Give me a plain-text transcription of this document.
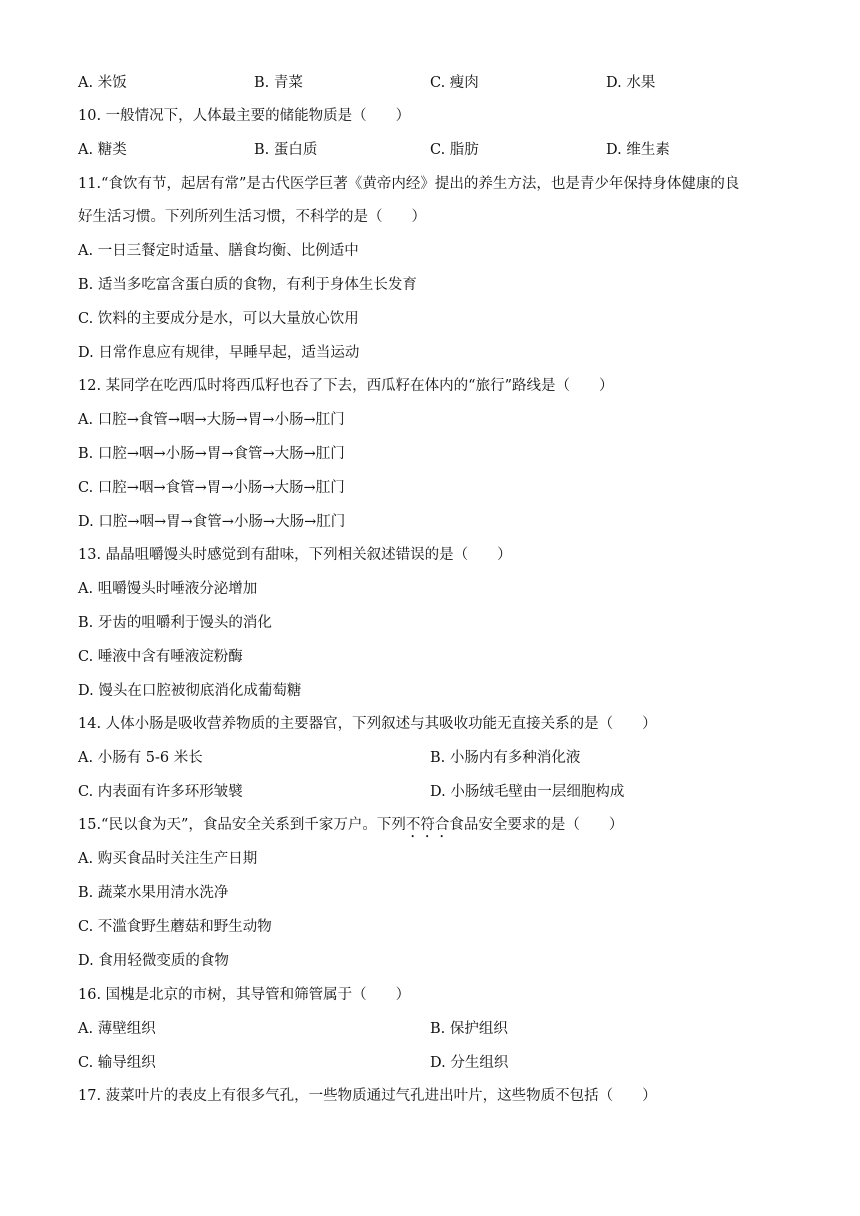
A. 米饭	B. 青菜	C. 瘦肉	D. 水果
10. 一般情况下，人体最主要的储能物质是（　　）
A. 糖类	B. 蛋白质	C. 脂肪	D. 维生素
11.“食饮有节，起居有常”是古代医学巨著《黄帝内经》提出的养生方法，也是青少年保持身体健康的良
好生活习惯。下列所列生活习惯，不科学的是（　　）
A. 一日三餐定时适量、膳食均衡、比例适中
B. 适当多吃富含蛋白质的食物，有利于身体生长发育
C. 饮料的主要成分是水，可以大量放心饮用
D. 日常作息应有规律，早睡早起，适当运动
12. 某同学在吃西瓜时将西瓜籽也吞了下去，西瓜籽在体内的“旅行”路线是（　　）
A. 口腔→食管→咽→大肠→胃→小肠→肛门
B. 口腔→咽→小肠→胃→食管→大肠→肛门
C. 口腔→咽→食管→胃→小肠→大肠→肛门
D. 口腔→咽→胃→食管→小肠→大肠→肛门
13. 晶晶咀嚼馒头时感觉到有甜味，下列相关叙述错误的是（　　）
A. 咀嚼馒头时唾液分泌增加
B. 牙齿的咀嚼利于馒头的消化
C. 唾液中含有唾液淀粉酶
D. 馒头在口腔被彻底消化成葡萄糖
14. 人体小肠是吸收营养物质的主要器官，下列叙述与其吸收功能无直接关系的是（　　）
A. 小肠有 5-6 米长	B. 小肠内有多种消化液
C. 内表面有许多环形皱襞	D. 小肠绒毛壁由一层细胞构成
15.“民以食为天”，食品安全关系到千家万户。下列不符合食品安全要求的是（　　）
A. 购买食品时关注生产日期
B. 蔬菜水果用清水洗净
C. 不滥食野生蘑菇和野生动物
D. 食用轻微变质的食物
16. 国槐是北京的市树，其导管和筛管属于（　　）
A. 薄壁组织	B. 保护组织
C. 输导组织	D. 分生组织
17. 菠菜叶片的表皮上有很多气孔，一些物质通过气孔进出叶片，这些物质不包括（　　）
